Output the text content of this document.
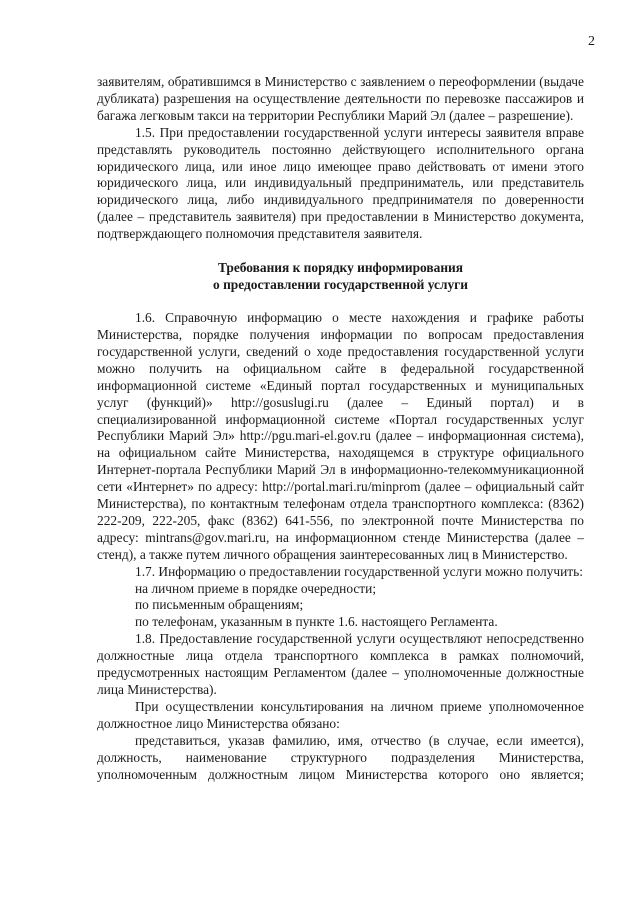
2

заявителям, обратившимся в Министерство с заявлением о переоформлении (выдаче дубликата) разрешения на осуществление деятельности по перевозке пассажиров и багажа легковым такси на территории Республики Марий Эл (далее – разрешение).

1.5. При предоставлении государственной услуги интересы заявителя вправе представлять руководитель постоянно действующего исполнительного органа юридического лица, или иное лицо имеющее право действовать от имени этого юридического лица, или индивидуальный предприниматель, или представитель юридического лица, либо индивидуального предпринимателя по доверенности (далее – представитель заявителя) при предоставлении в Министерство документа, подтверждающего полномочия представителя заявителя.

Требования к порядку информирования

о предоставлении государственной услуги

1.6. Справочную информацию о месте нахождения и графике работы Министерства, порядке получения информации по вопросам предоставления государственной услуги, сведений о ходе предоставления государственной услуги можно получить на официальном сайте в федеральной государственной информационной системе «Единый портал государственных и муниципальных услуг (функций)» http://gosuslugi.ru (далее – Единый портал) и в специализированной информационной системе «Портал государственных услуг Республики Марий Эл» http://pgu.mari-el.gov.ru (далее – информационная система), на официальном сайте Министерства, находящемся в структуре официального Интернет-портала Республики Марий Эл в информационно-телекоммуникационной сети «Интернет» по адресу: http://portal.mari.ru/minprom (далее – официальный сайт Министерства), по контактным телефонам отдела транспортного комплекса: (8362) 222-209, 222-205, факс (8362) 641-556, по электронной почте Министерства по адресу: mintrans@gov.mari.ru, на информационном стенде Министерства (далее – стенд), а также путем личного обращения заинтересованных лиц в Министерство.

1.7. Информацию о предоставлении государственной услуги можно получить:

на личном приеме в порядке очередности;

по письменным обращениям;

по телефонам, указанным в пункте 1.6. настоящего Регламента.

1.8. Предоставление государственной услуги осуществляют непосредственно должностные лица отдела транспортного комплекса в рамках полномочий, предусмотренных настоящим Регламентом (далее – уполномоченные должностные лица Министерства).

При осуществлении консультирования на личном приеме уполномоченное должностное лицо Министерства обязано:

представиться, указав фамилию, имя, отчество (в случае, если имеется), должность, наименование структурного подразделения Министерства, уполномоченным должностным лицом Министерства которого оно является;
